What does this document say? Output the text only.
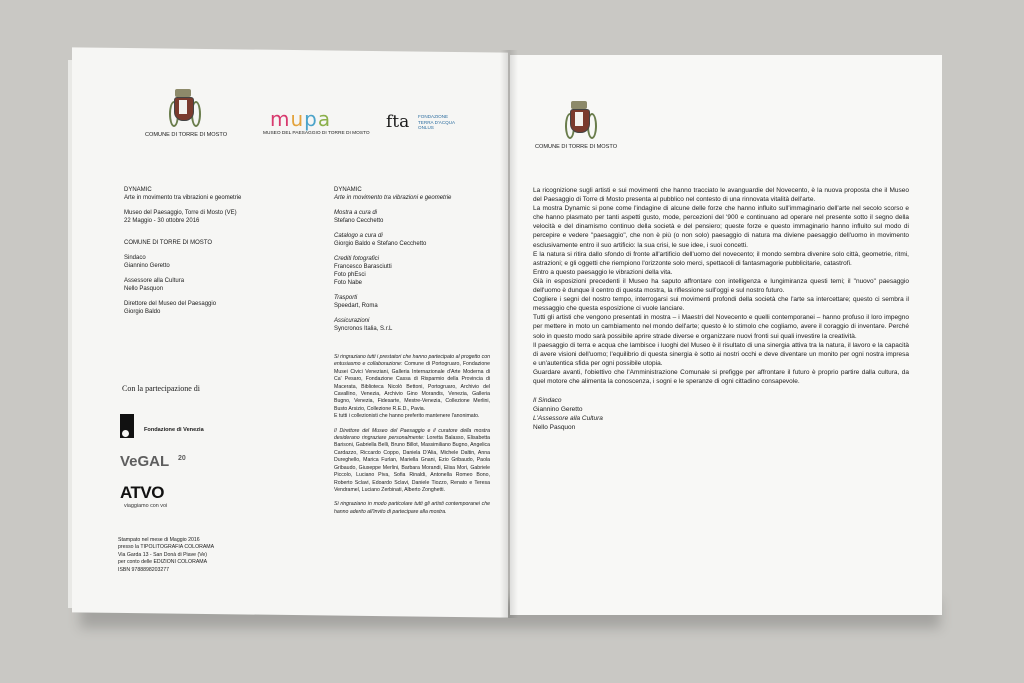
COMUNE DI TORRE DI MOSTO
mupa
MUSEO DEL PAESAGGIO DI TORRE DI MOSTO
fta FONDAZIONE
TERRA D'ACQUA
ONLUS

DYNAMIC

Arte in movimento tra vibrazioni e geometrie

Museo del Paesaggio, Torre di Mosto (VE)

22 Maggio - 30 ottobre 2016

COMUNE DI TORRE DI MOSTO

Sindaco

Giannino Geretto

Assessore alla Cultura

Nello Pasquon

Direttore del Museo del Paesaggio

Giorgio Baldo

Con la partecipazione di
Fondazione di Venezia
VeGAL 20
ATVO
viaggiamo con voi

Stampato nel mese di Maggio 2016

presso la TIPOLITOGRAFIA COLORAMA

Via Garda 13 - San Donà di Piave (Ve)

per conto delle EDIZIONI COLORAMA

ISBN 9788898203277

DYNAMIC

Arte in movimento tra vibrazioni e geometrie

Mostra a cura di

Stefano Cecchetto

Catalogo a cura di

Giorgio Baldo e Stefano Cecchetto

Crediti fotografici

Francesco Barasciutti

Foto phEsci

Foto Nabe

Trasporti

Speedart, Roma

Assicurazioni

Syncronos Italia, S.r.L

Si ringraziano tutti i prestatori che hanno partecipato al progetto con entusiasmo e collaborazione: Comune di Portogruaro, Fondazione Musei Civici Veneziani, Galleria Internazionale d'Arte Moderna di Ca' Pesaro, Fondazione Cassa di Risparmio della Provincia di Macerata, Biblioteca Nicolò Bettoni, Portogruaro, Archivio del Cavallino, Venezia, Archivio Gino Morandis, Venezia, Galleria Bugno, Venezia, Fidesarte, Mestre-Venezia, Collezione Merlini, Busto Arsizio, Collezione R.E.D., Pavia.

E tutti i collezionisti che hanno preferito mantenere l'anonimato.

Il Direttore del Museo del Paesaggio e il curatore della mostra desiderano ringraziare personalmente: Loretta Balasso, Elisabetta Barisoni, Gabriella Belli, Bruno Billot, Massimiliano Bugno, Angelica Cardazzo, Riccardo Coppo, Daniela D'Alia, Michele Daltin, Anna Dureghello, Marica Furlan, Mariella Gnani, Ezio Gribaudo, Paola Gribaudo, Giuseppe Merlini, Barbara Morandi, Elisa Mori, Gabriele Piccolo, Luciano Piva, Sofia Rinaldi, Antonella Romeo Bono, Roberto Sclavi, Edoardo Sclavi, Daniele Tiozzo, Renato e Teresa Vendramel, Luciano Zerbinati, Alberto Zonghetti.

Si ringraziano in modo particolare tutti gli artisti contemporanei che hanno aderito all'invito di partecipare alla mostra.

COMUNE DI TORRE DI MOSTO

La ricognizione sugli artisti e sui movimenti che hanno tracciato le avanguardie del Novecento, è la nuova proposta che il Museo del Paesaggio di Torre di Mosto presenta al pubblico nel contesto di una rinnovata vitalità dell'arte.

La mostra Dynamic si pone come l'indagine di alcune delle forze che hanno influito sull'immaginario dell'arte nel secolo scorso e che hanno plasmato per tanti aspetti gusto, mode, percezioni del '900 e continuano ad operare nel presente sotto il segno della velocità e del dinamismo continuo della società e del pensiero; queste forze e questo immaginario hanno influito sul modo di percepire e vedere "paesaggio", che non è più (o non solo) paesaggio di natura ma diviene paesaggio dell'uomo in movimento esclusivamente entro il suo artificio: la sua crisi, le sue idee, i suoi concetti.

E la natura si ritira dallo sfondo di fronte all'artificio dell'uomo del novecento; il mondo sembra divenire solo città, geometrie, ritmi, astrazioni; e gli oggetti che riempiono l'orizzonte solo merci, spettacoli di fantasmagorie pubblicitarie, catastrofi.

Entro a questo paesaggio le vibrazioni della vita.

Già in esposizioni precedenti il Museo ha saputo affrontare con intelligenza e lungimiranza questi temi; il "nuovo" paesaggio dell'uomo è dunque il centro di questa mostra, la riflessione sull'oggi e sul nostro futuro.

Cogliere i segni del nostro tempo, interrogarsi sui movimenti profondi della società che l'arte sa intercettare; questo ci sembra il messaggio che questa esposizione ci vuole lanciare.

Tutti gli artisti che vengono presentati in mostra – i Maestri del Novecento e quelli contemporanei – hanno profuso il loro impegno per mettere in moto un cambiamento nel mondo dell'arte; questo è lo stimolo che cogliamo, avere il coraggio di inventare. Perché solo in questo modo sarà possibile aprire strade diverse e organizzare nuovi fronti sui quali investire la creatività.

Il paesaggio di terra e acqua che lambisce i luoghi del Museo è il risultato di una sinergia attiva tra la natura, il lavoro e la capacità di avere visioni dell'uomo; l'equilibrio di questa sinergia è sotto ai nostri occhi e deve diventare un monito per ogni nostra impresa e un'autentica sfida per ogni possibile utopia.

Guardare avanti, l'obiettivo che l'Amministrazione Comunale si prefigge per affrontare il futuro è proprio partire dalla cultura, da quel motore che alimenta la conoscenza, i sogni e le speranze di ogni cittadino consapevole.

Il Sindaco

Giannino Geretto

L'Assessore alla Cultura

Nello Pasquon
